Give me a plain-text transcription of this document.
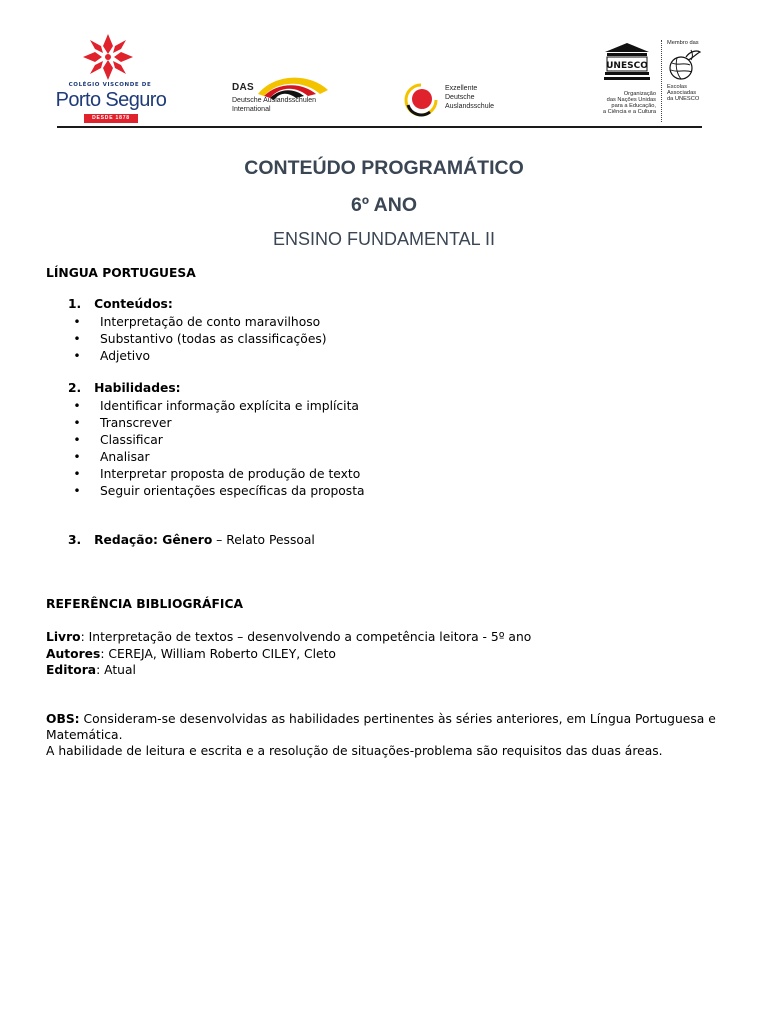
COLÉGIO VISCONDE DE
Porto Seguro
DESDE 1878
DAS
Deutsche Auslandsschulen
International
Exzellente
Deutsche
Auslandsschule
UNESCO
Organização
das Nações Unidas
para a Educação,
a Ciência e a Cultura
Membro das
Escolas
Associadas
da UNESCO
CONTEÚDO PROGRAMÁTICO
6º ANO
ENSINO FUNDAMENTAL II
LÍNGUA PORTUGUESA
1. Conteúdos:
• Interpretação de conto maravilhoso
• Substantivo (todas as classificações)
• Adjetivo
2. Habilidades:
• Identificar informação explícita e implícita
• Transcrever
• Classificar
• Analisar
• Interpretar proposta de produção de texto
• Seguir orientações específicas da proposta
3. Redação: Gênero – Relato Pessoal
REFERÊNCIA BIBLIOGRÁFICA
Livro: Interpretação de textos – desenvolvendo a competência leitora - 5º ano
Autores: CEREJA, William Roberto CILEY, Cleto
Editora: Atual
OBS: Consideram-se desenvolvidas as habilidades pertinentes às séries anteriores, em Língua Portuguesa e
Matemática.
A habilidade de leitura e escrita e a resolução de situações-problema são requisitos das duas áreas.
